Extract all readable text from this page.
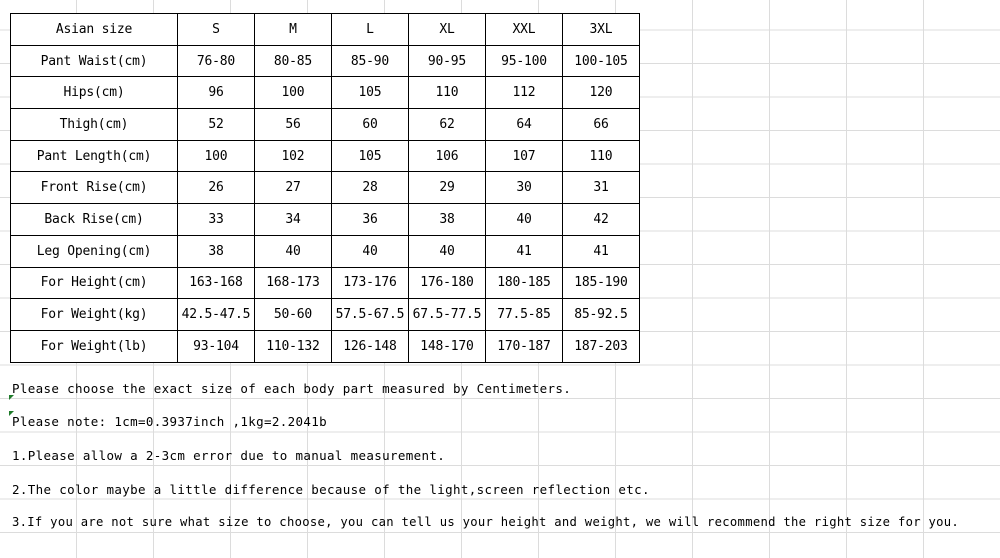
Asian size	S	M	L	XL	XXL	3XL
Pant Waist(cm)	76-80	80-85	85-90	90-95	95-100	100-105
Hips(cm)	96	100	105	110	112	120
Thigh(cm)	52	56	60	62	64	66
Pant Length(cm)	100	102	105	106	107	110
Front Rise(cm)	26	27	28	29	30	31
Back Rise(cm)	33	34	36	38	40	42
Leg Opening(cm)	38	40	40	40	41	41
For Height(cm)	163-168	168-173	173-176	176-180	180-185	185-190
For Weight(kg)	42.5-47.5	50-60	57.5-67.5	67.5-77.5	77.5-85	85-92.5
For Weight(lb)	93-104	110-132	126-148	148-170	170-187	187-203

Please choose the exact size of each body part measured by Centimeters.

Please note: 1cm=0.3937inch ,1kg=2.2041b

1.Please allow a 2-3cm error due to manual measurement.

2.The color maybe a little difference because of the light,screen reflection etc.

3.If you are not sure what size to choose, you can tell us your height and weight, we will recommend the right size for you.
